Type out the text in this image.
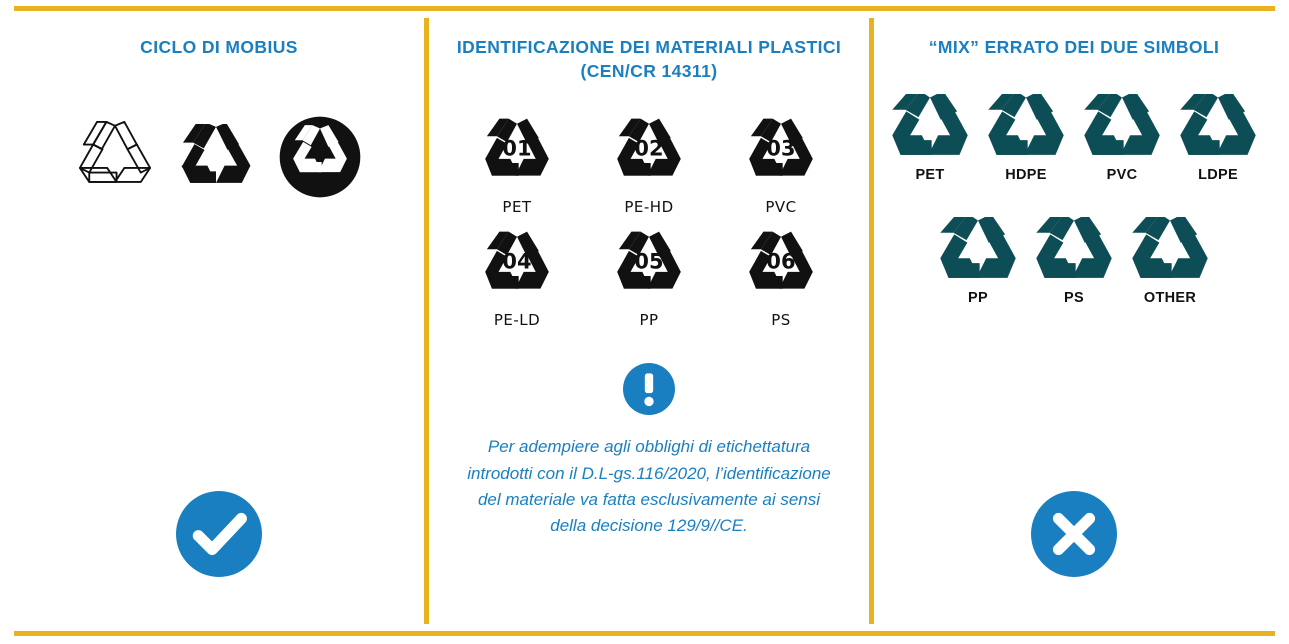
CICLO DI MOBIUS	IDENTIFICAZIONE DEI MATERIALI PLASTICI (CEN/CR 14311)
01
PET
02
PE-HD
03
PVC
04
PE-LD
05
PP
06
PS
Per adempiere agli obblighi di etichettatura introdotti con il D.L-gs.116/2020, l’identificazione del materiale va fatta esclusivamente ai sensi della decisione 129/9//CE.
“MIX” ERRATO DEI DUE SIMBOLI
1
PET
2
HDPE
3
PVC
4
LDPE
5
PP
6
PS
7
OTHER
